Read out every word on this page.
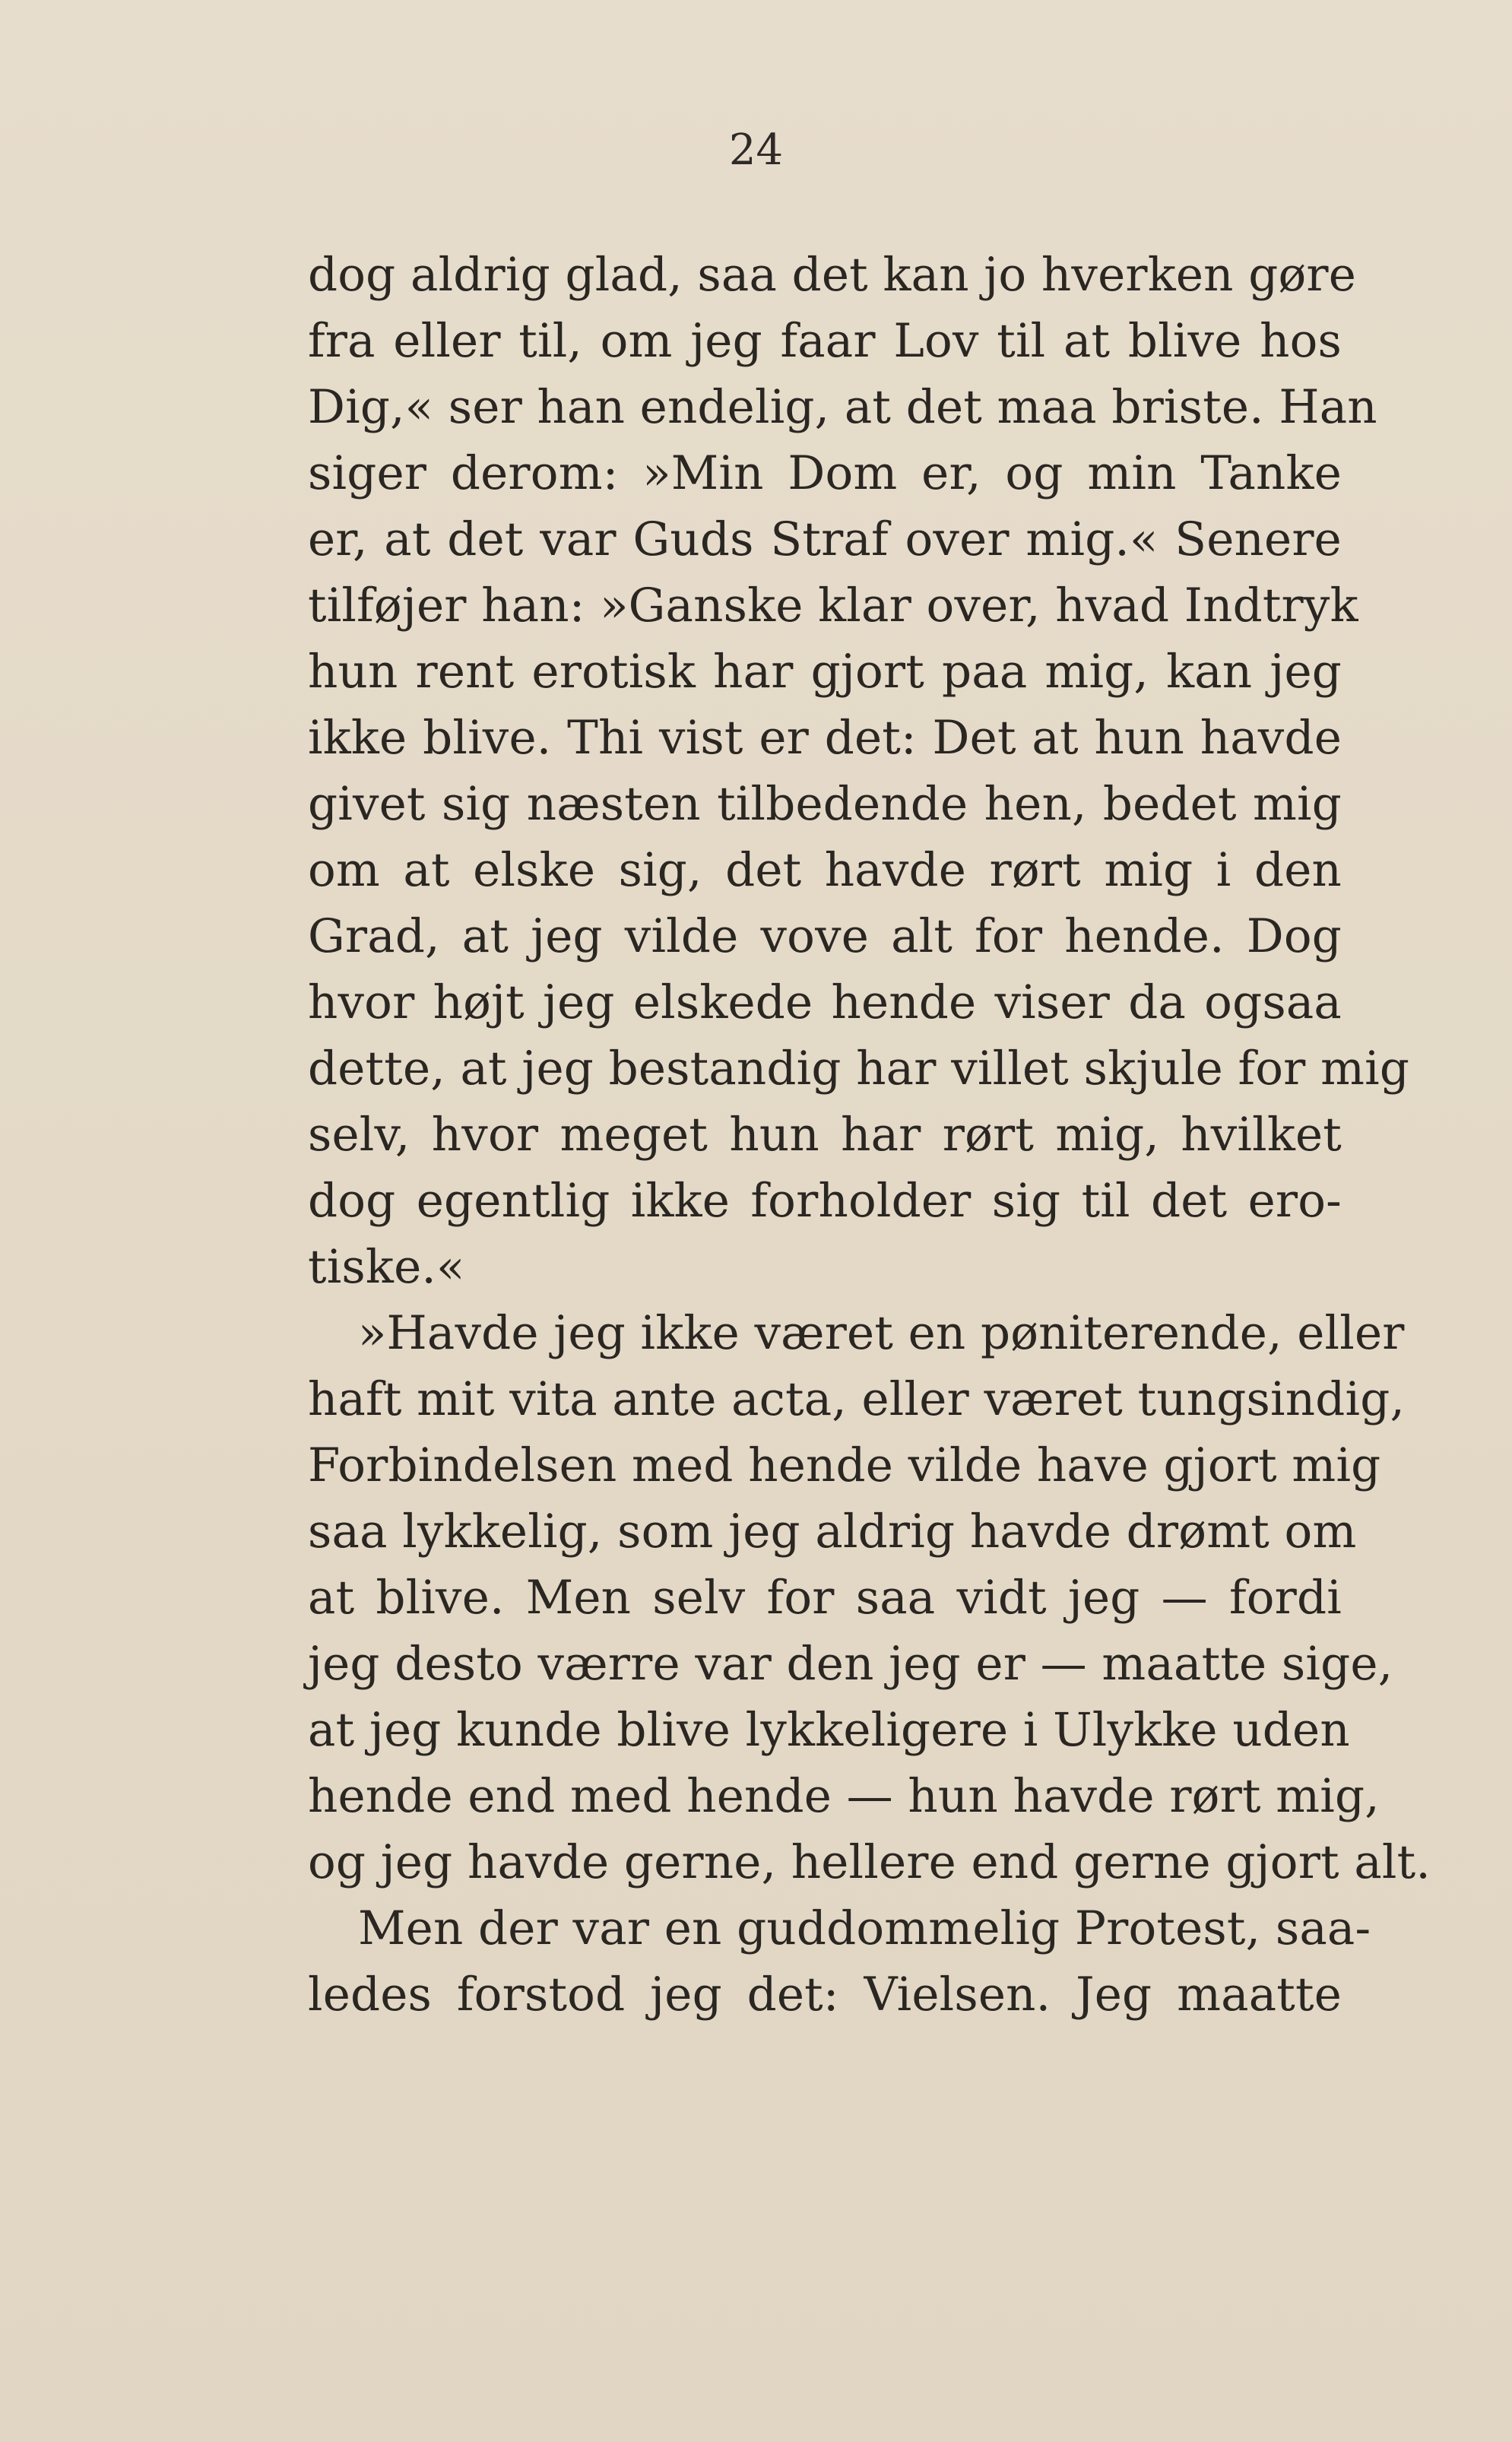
24
dog aldrig glad, saa det kan jo hverken gøre
fra eller til, om jeg faar Lov til at blive hos
Dig,« ser han endelig, at det maa briste. Han
siger derom: »Min Dom er, og min Tanke
er, at det var Guds Straf over mig.« Senere
tilføjer han: »Ganske klar over, hvad Indtryk
hun rent erotisk har gjort paa mig, kan jeg
ikke blive. Thi vist er det: Det at hun havde
givet sig næsten tilbedende hen, bedet mig
om at elske sig, det havde rørt mig i den
Grad, at jeg vilde vove alt for hende. Dog
hvor højt jeg elskede hende viser da ogsaa
dette, at jeg bestandig har villet skjule for mig
selv, hvor meget hun har rørt mig, hvilket
dog egentlig ikke forholder sig til det ero-
tiske.«
»Havde jeg ikke været en pøniterende, eller
haft mit vita ante acta, eller været tungsindig,
Forbindelsen med hende vilde have gjort mig
saa lykkelig, som jeg aldrig havde drømt om
at blive. Men selv for saa vidt jeg — fordi
jeg desto værre var den jeg er — maatte sige,
at jeg kunde blive lykkeligere i Ulykke uden
hende end med hende — hun havde rørt mig,
og jeg havde gerne, hellere end gerne gjort alt.
Men der var en guddommelig Protest, saa-
ledes forstod jeg det: Vielsen. Jeg maatte
